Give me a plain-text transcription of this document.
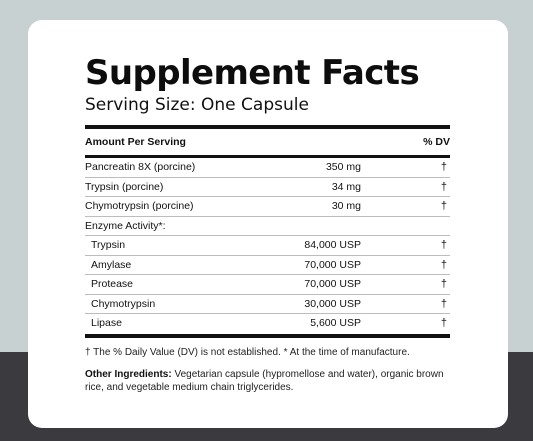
Supplement Facts
Serving Size: One Capsule
Amount Per Serving	% DV
Pancreatin 8X (porcine)	350 mg	†
Trypsin (porcine)	34 mg	†
Chymotrypsin (porcine)	30 mg	†
Enzyme Activity*:
Trypsin	84,000 USP	†
Amylase	70,000 USP	†
Protease	70,000 USP	†
Chymotrypsin	30,000 USP	†
Lipase	5,600 USP	†
† The % Daily Value (DV) is not established. * At the time of manufacture.
Other Ingredients: Vegetarian capsule (hypromellose and water), organic brown rice, and vegetable medium chain triglycerides.
